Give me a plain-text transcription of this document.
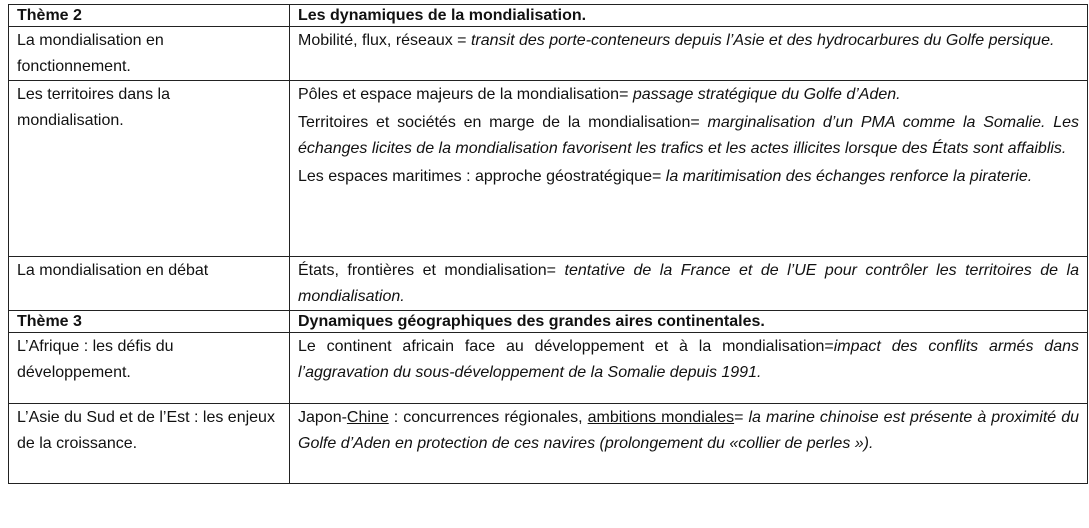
Thème 2	Les dynamiques de la mondialisation.
La mondialisation en fonctionnement.	Mobilité, flux, réseaux = transit des porte-conteneurs depuis l’Asie et des hydrocarbures du Golfe persique.
Les territoires dans la mondialisation.	Pôles et espace majeurs de la mondialisation= passage stratégique du Golfe d’Aden.

Territoires et sociétés en marge de la mondialisation= marginalisation d’un PMA comme la Somalie. Les échanges licites de la mondialisation favorisent les trafics et les actes illicites lorsque des États sont affaiblis.

Les espaces maritimes : approche géostratégique= la maritimisation des échanges renforce la piraterie.

La mondialisation en débat	États, frontières et mondialisation= tentative de la France et de l’UE pour contrôler les territoires de la mondialisation.
Thème 3	Dynamiques géographiques des grandes aires continentales.
L’Afrique : les défis du développement.	Le continent africain face au développement et à la mondialisation=impact des conflits armés dans l’aggravation du sous-développement de la Somalie depuis 1991.
L’Asie du Sud et de l’Est : les enjeux de la croissance.	Japon-Chine : concurrences régionales, ambitions mondiales= la marine chinoise est présente à proximité du Golfe d’Aden en protection de ces navires (prolongement du «collier de perles »).
